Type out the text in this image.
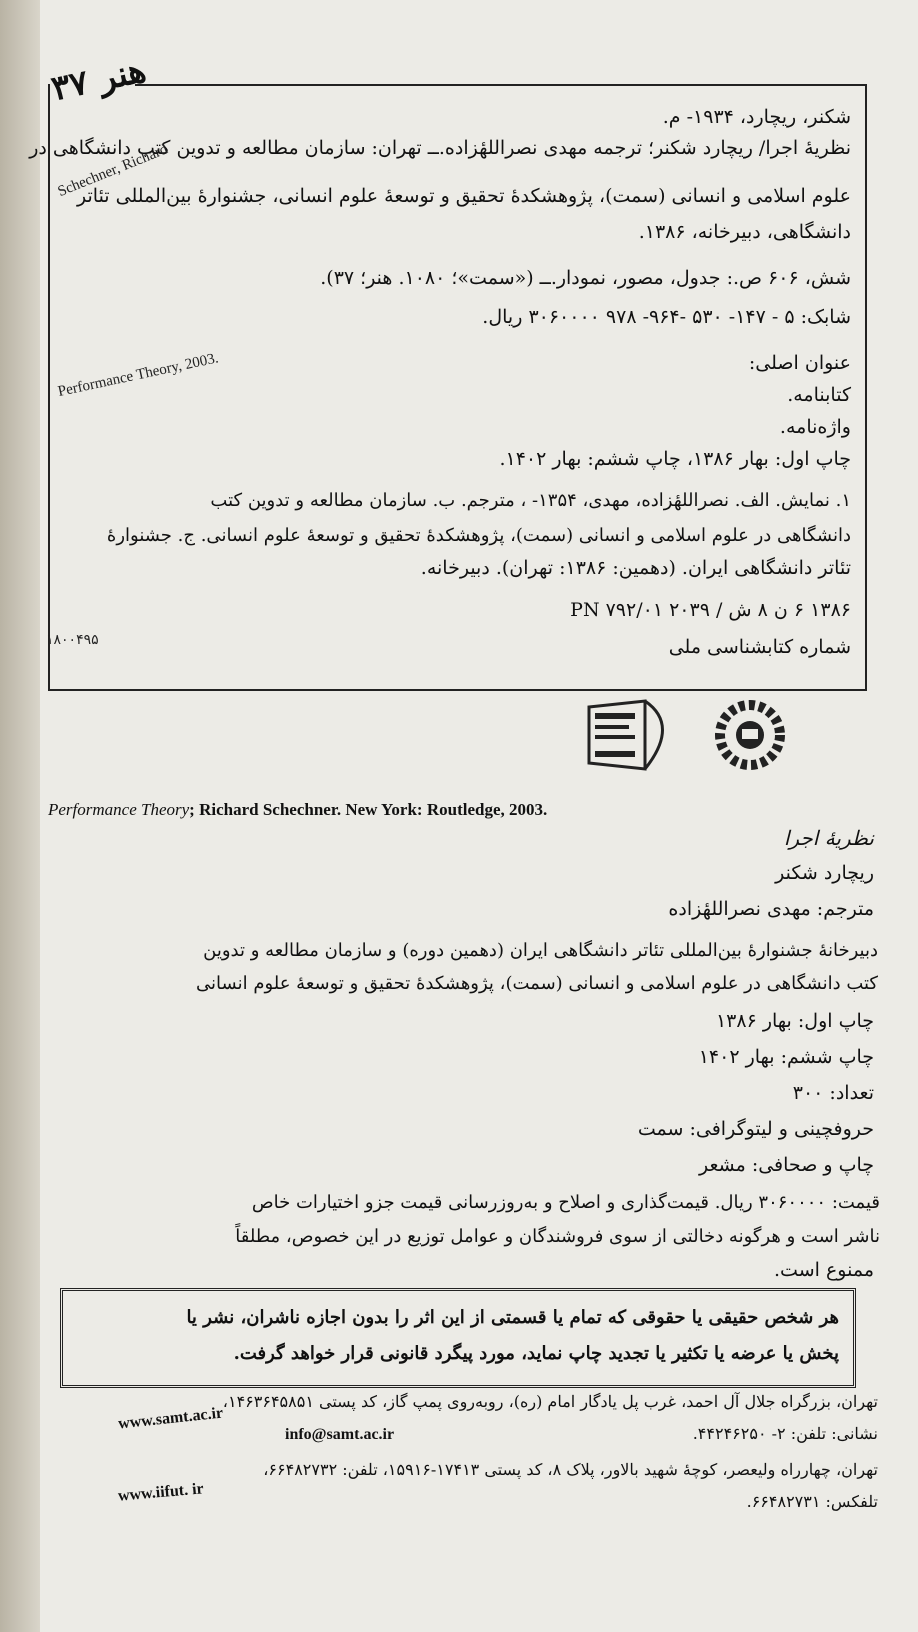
هنر ۳۷
شکنر، ریچارد، ۱۹۳۴- م.
نظریهٔ اجرا/ ریچارد شکنر؛ ترجمه مهدی نصراللهٔزاده.ــ تهران: سازمان مطالعه و تدوین کتب دانشگاهی در
علوم اسلامی و انسانی (سمت)، پژوهشکدهٔ تحقیق و توسعهٔ علوم انسانی، جشنوارهٔ بین‌المللی تئاتر
دانشگاهی، دبیرخانه، ۱۳۸۶.
شش، ۶۰۶ ص.: جدول، مصور، نمودار.ــ («سمت»؛ ۱۰۸۰. هنر؛ ۳۷).
شابک: ۵ - ۱۴۷- ۵۳۰ -۹۶۴- ۹۷۸ ۳۰۶۰۰۰۰ ریال.
عنوان اصلی:
کتابنامه.
واژه‌نامه.
چاپ اول: بهار ۱۳۸۶، چاپ ششم: بهار ۱۴۰۲.
۱. نمایش. الف. نصراللهٔزاده، مهدی، ۱۳۵۴- ، مترجم. ب. سازمان مطالعه و تدوین کتب
دانشگاهی در علوم اسلامی و انسانی (سمت)، پژوهشکدهٔ تحقیق و توسعهٔ علوم انسانی. ج. جشنوارهٔ
تئاتر دانشگاهی ایران. (دهمین: ۱۳۸۶: تهران). دبیرخانه.
۱۳۸۶ ۶ ن ۸ ش / ۲۰۳۹ PN ۷۹۲/۰۱
شماره کتابشناسی ملی
۱۸۰۰۴۹۵
Schechner, Richard
Performance Theory, 2003.
Performance Theory; Richard Schechner. New York: Routledge, 2003.
نظریهٔ اجرا
ریچارد شکنر
مترجم: مهدی نصراللهٔزاده
دبیرخانهٔ جشنوارهٔ بین‌المللی تئاتر دانشگاهی ایران (دهمین دوره) و سازمان مطالعه و تدوین
کتب دانشگاهی در علوم اسلامی و انسانی (سمت)، پژوهشکدهٔ تحقیق و توسعهٔ علوم انسانی
چاپ اول: بهار ۱۳۸۶
چاپ ششم: بهار ۱۴۰۲
تعداد: ۳۰۰
حروفچینی و لیتوگرافی: سمت
چاپ و صحافی: مشعر
قیمت: ۳۰۶۰۰۰۰ ریال. قیمت‌گذاری و اصلاح و به‌روزرسانی قیمت جزو اختیارات خاص
ناشر است و هرگونه دخالتی از سوی فروشندگان و عوامل توزیع در این خصوص، مطلقاً
ممنوع است.
هر شخص حقیقی یا حقوقی که تمام یا قسمتی از این اثر را بدون اجازه ناشران، نشر یا
پخش یا عرضه یا تکثیر یا تجدید چاپ نماید، مورد پیگرد قانونی قرار خواهد گرفت.
تهران، بزرگراه جلال آل احمد، غرب پل یادگار امام (ره)، روبه‌روی پمپ گاز، کد پستی ۱۴۶۳۶۴۵۸۵۱،
نشانی: تلفن: ۲- ۴۴۲۴۶۲۵۰.
info@samt.ac.ir
www.samt.ac.ir
تهران، چهارراه ولیعصر، کوچهٔ شهید بالاور، پلاک ۸، کد پستی ۱۷۴۱۳-۱۵۹۱۶، تلفن: ۶۶۴۸۲۷۳۲،
تلفکس: ۶۶۴۸۲۷۳۱.
www.iifut. ir
